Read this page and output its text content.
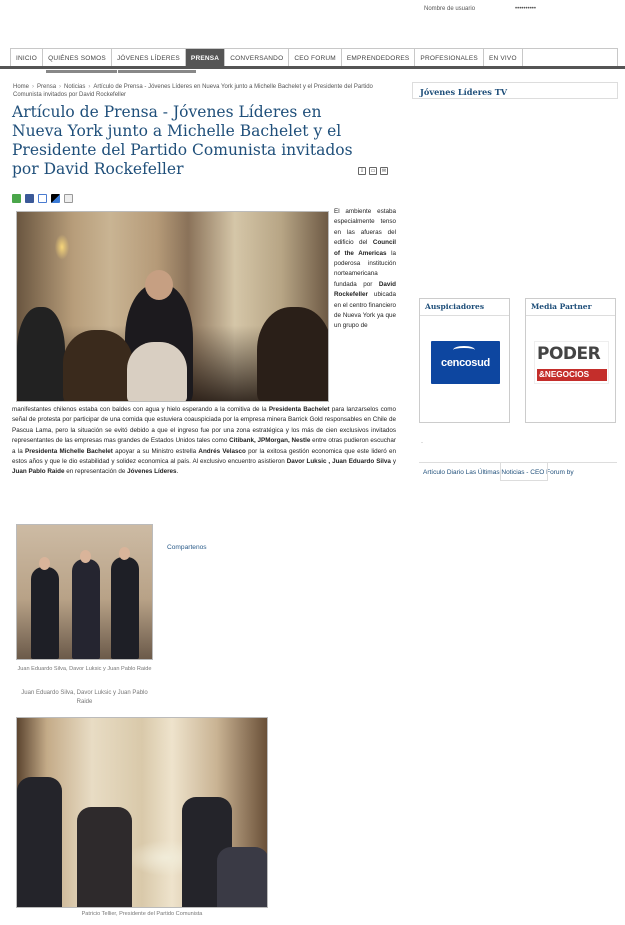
Nombre de usuario	••••••••••
INICIO	QUIÉNES SOMOS	JÓVENES LÍDERES	PRENSA	CONVERSANDO	CEO FORUM	EMPRENDEDORES	PROFESIONALES	EN VIVO
Home › Prensa › Noticias › Artículo de Prensa - Jóvenes Líderes en Nueva York junto a Michelle Bachelet y el Presidente del Partido Comunista invitados por David Rockefeller
Artículo de Prensa - Jóvenes Líderes en Nueva York junto a Michelle Bachelet y el Presidente del Partido Comunista invitados por David Rockefeller	⇩	▭	✉
El ambiente estaba especialmente tenso en las afueras del edificio del Council of the Americas la poderosa institución norteamericana fundada por David Rockefeller ubicada en el centro financiero de Nueva York ya que un grupo de
manifestantes chilenos estaba con baldes con agua y hielo esperando a la comitiva de la Presidenta Bachelet para lanzarselos como señal de protesta por participar de una comida que estuviera coauspiciada por la empresa minera Barrick Gold responsables en Chile de Pascua Lama, pero la situación se evitó debido a que el ingreso fue por una zona estratégica y los más de cien exclusivos invitados representantes de las empresas mas grandes de Estados Unidos tales como Citibank, JPMorgan, Nestle entre otras pudieron escuchar a la Presidenta Michelle Bachelet apoyar a su Ministro estrella Andrés Velasco por la exitosa gestión economica que este lideró en estos años y que le dio estabilidad y solidez economica al país. Al exclusivo encuentro asistieron Davor Luksic , Juan Eduardo Silva y Juan Pablo Raide en representación de Jóvenes Líderes.
Juan Eduardo Silva, Davor Luksic y Juan Pablo Raide
Juan Eduardo Silva, Davor Luksic y Juan Pablo Raide
Compartenos
Patricio Tellier, Presidente del Partido Comunista
Jóvenes Líderes TV
Auspiciadores
cencosud
Media Partner
PODER
&NEGOCIOS
·
Artículo Diario Las Últimas Noticias - CEO Forum by
